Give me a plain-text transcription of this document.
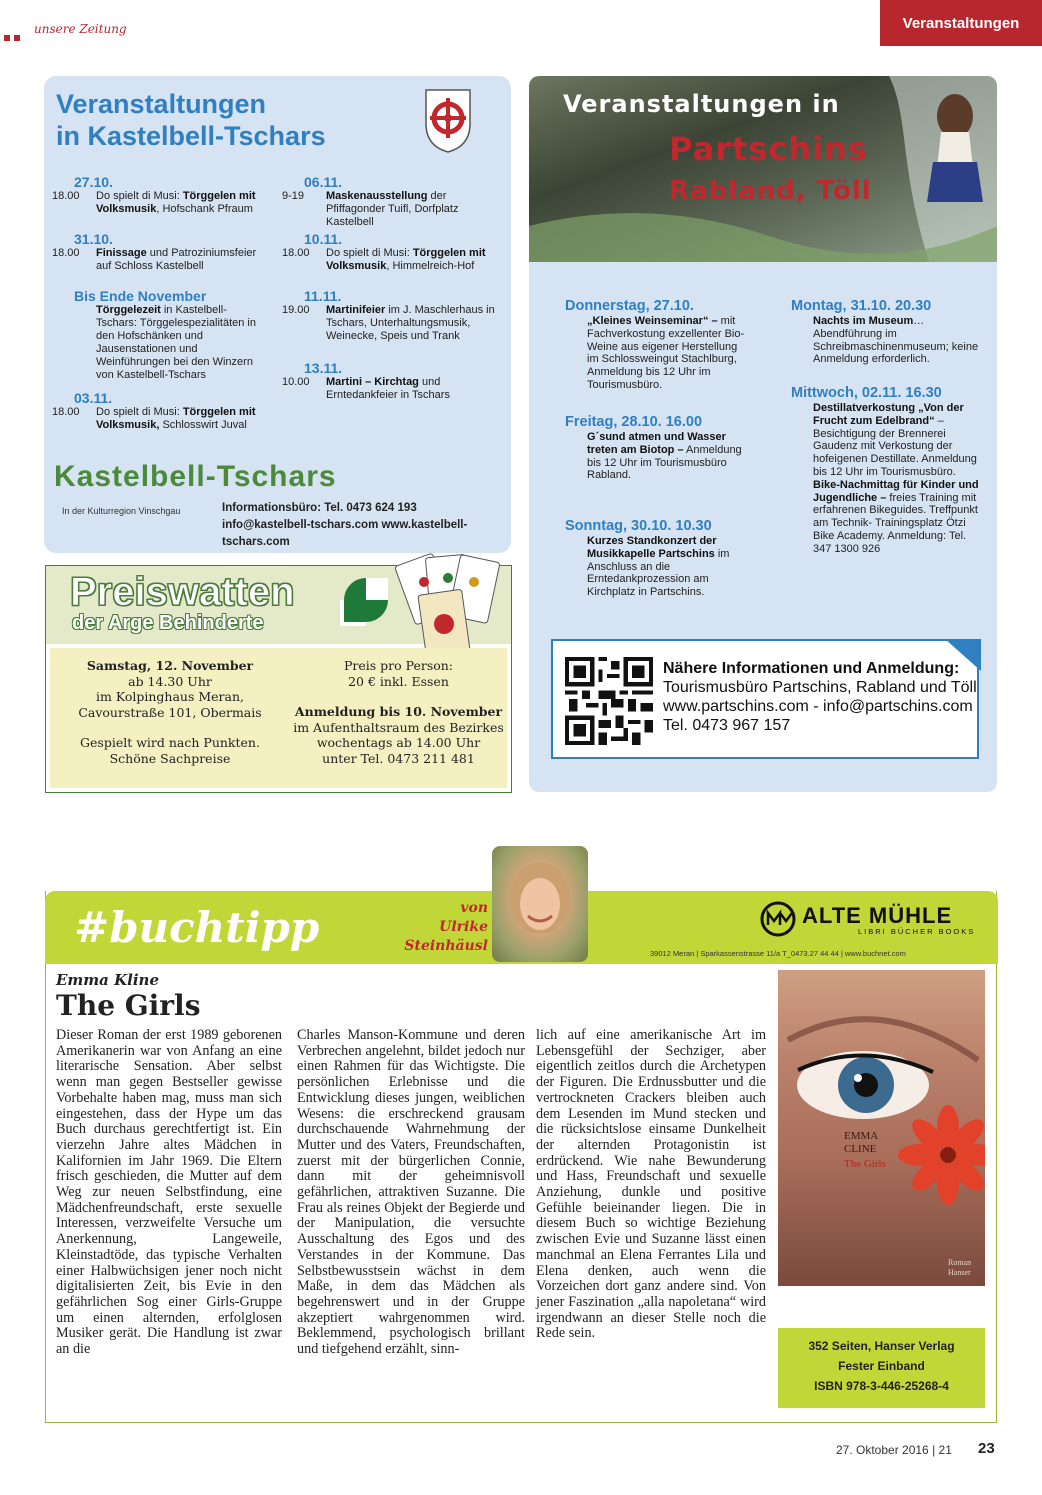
unsere Zeitung	Veranstaltungen
Veranstaltungen
in Kastelbell-Tschars
27.10.
18.00	Do spielt di Musi: Törggelen mit Volksmusik, Hofschank Pfraum
31.10.
18.00	Finissage und Patroziniumsfeier auf Schloss Kastelbell
Bis Ende November
Törggelezeit in Kastelbell-Tschars: Törggelespezialitäten in den Hofschänken und Jausenstationen und Weinführungen bei den Winzern von Kastelbell-Tschars
03.11.
18.00	Do spielt di Musi: Törggelen mit Volksmusik, Schlosswirt Juval
06.11.
9-19	Maskenausstellung der Pfiffagonder Tuifl, Dorfplatz Kastelbell
10.11.
18.00	Do spielt di Musi: Törggelen mit Volksmusik, Himmelreich-Hof
11.11.
19.00	Martinifeier im J. Maschlerhaus in Tschars, Unterhaltungsmusik, Weinecke, Speis und Trank
13.11.
10.00	Martini – Kirchtag und Erntedankfeier in Tschars
Kastelbell-Tschars
In der Kulturregion Vinschgau	Informationsbüro: Tel. 0473 624 193
info@kastelbell-tschars.com www.kastelbell-tschars.com
Preiswatten
der Arge Behinderte
Samstag, 12. November
ab 14.30 Uhr
im Kolpinghaus Meran,
Cavourstraße 101, Obermais
Gespielt wird nach Punkten.
Schöne Sachpreise
Preis pro Person:
20 € inkl. Essen
Anmeldung bis 10. November
im Aufenthaltsraum des Bezirkes
wochentags ab 14.00 Uhr
unter Tel. 0473 211 481
Veranstaltungen in
Partschins
Rabland, Töll
Donnerstag, 27.10.
„Kleines Weinseminar“ – mit Fachverkostung exzellenter Bio-Weine aus eigener Herstellung im Schlossweingut Stachlburg, Anmeldung bis 12 Uhr im Tourismusbüro.
Freitag, 28.10. 16.00
G´sund atmen und Wasser treten am Biotop – Anmeldung bis 12 Uhr im Tourismusbüro Rabland.
Sonntag, 30.10. 10.30
Kurzes Standkonzert der Musikkapelle Partschins im Anschluss an die Erntedankprozession am Kirchplatz in Partschins.
Montag, 31.10. 20.30
Nachts im Museum… Abendführung im Schreibmaschinenmuseum; keine Anmeldung erforderlich.
Mittwoch, 02.11. 16.30
Destillatverkostung „Von der Frucht zum Edelbrand“ – Besichtigung der Brennerei Gaudenz mit Verkostung der hofeigenen Destillate. Anmeldung bis 12 Uhr im Tourismusbüro.
Bike-Nachmittag für Kinder und Jugendliche – freies Training mit erfahrenen Bikeguides. Treffpunkt am Technik- Trainingsplatz Ötzi Bike Academy. Anmeldung: Tel. 347 1300 926
Nähere Informationen und Anmeldung:
Tourismusbüro Partschins, Rabland und Töll
www.partschins.com - info@partschins.com
Tel. 0473 967 157
#buchtipp	von
Ulrike
Steinhäusl
ALTE MÜHLE
LIBRI BÜCHER BOOKS
39012 Meran | Sparkassenstrasse 11/a T_0473.27 44 44 | www.buchnet.com
Emma Kline
The Girls
Dieser Roman der erst 1989 geborenen Amerikanerin war von Anfang an eine literarische Sensation. Aber selbst wenn man gegen Bestseller gewisse Vorbehalte haben mag, muss man sich eingestehen, dass der Hype um das Buch durchaus gerechtfertigt ist. Ein vierzehn Jahre altes Mädchen in Kalifornien im Jahr 1969. Die Eltern frisch geschieden, die Mutter auf dem Weg zur neuen Selbstfindung, eine Mädchenfreundschaft, erste sexuelle Interessen, verzweifelte Versuche um Anerkennung, Langeweile, Kleinstadtöde, das typische Verhalten einer Halbwüchsigen jener noch nicht digitalisierten Zeit, bis Evie in den gefährlichen Sog einer Girls-Gruppe um einen alternden, erfolglosen Musiker gerät. Die Handlung ist zwar an die
Charles Manson-Kommune und deren Verbrechen angelehnt, bildet jedoch nur einen Rahmen für das Wichtigste. Die persönlichen Erlebnisse und die Entwicklung dieses jungen, weiblichen Wesens: die erschreckend grausam durchschauende Wahrnehmung der Mutter und des Vaters, Freundschaften, zuerst mit der bürgerlichen Connie, dann mit der geheimnisvoll gefährlichen, attraktiven Suzanne. Die Frau als reines Objekt der Begierde und der Manipulation, die versuchte Ausschaltung des Egos und des Verstandes in der Kommune. Das Selbstbewusstsein wächst in dem Maße, in dem das Mädchen als begehrenswert und in der Gruppe akzeptiert wahrgenommen wird. Beklemmend, psychologisch brillant und tiefgehend erzählt, sinn-
lich auf eine amerikanische Art im Lebensgefühl der Sechziger, aber eigentlich zeitlos durch die Archetypen der Figuren. Die Erdnussbutter und die vertrockneten Crackers bleiben auch dem Lesenden im Mund stecken und die rücksichtslose einsame Dunkelheit der alternden Protagonistin ist erdrückend. Wie nahe Bewunderung und Hass, Freundschaft und sexuelle Anziehung, dunkle und positive Gefühle beieinander liegen. Die in diesem Buch so wichtige Beziehung zwischen Evie und Suzanne lässt einen manchmal an Elena Ferrantes Lila und Elena denken, auch wenn die Vorzeichen dort ganz andere sind. Von jener Faszination „alla napoletana“ wird irgendwann an dieser Stelle noch die Rede sein.
EMMA
CLINE
The Girls
Roman
Hanser
352 Seiten, Hanser Verlag
Fester Einband
ISBN 978-3-446-25268-4
27. Oktober 2016 | 21 23
